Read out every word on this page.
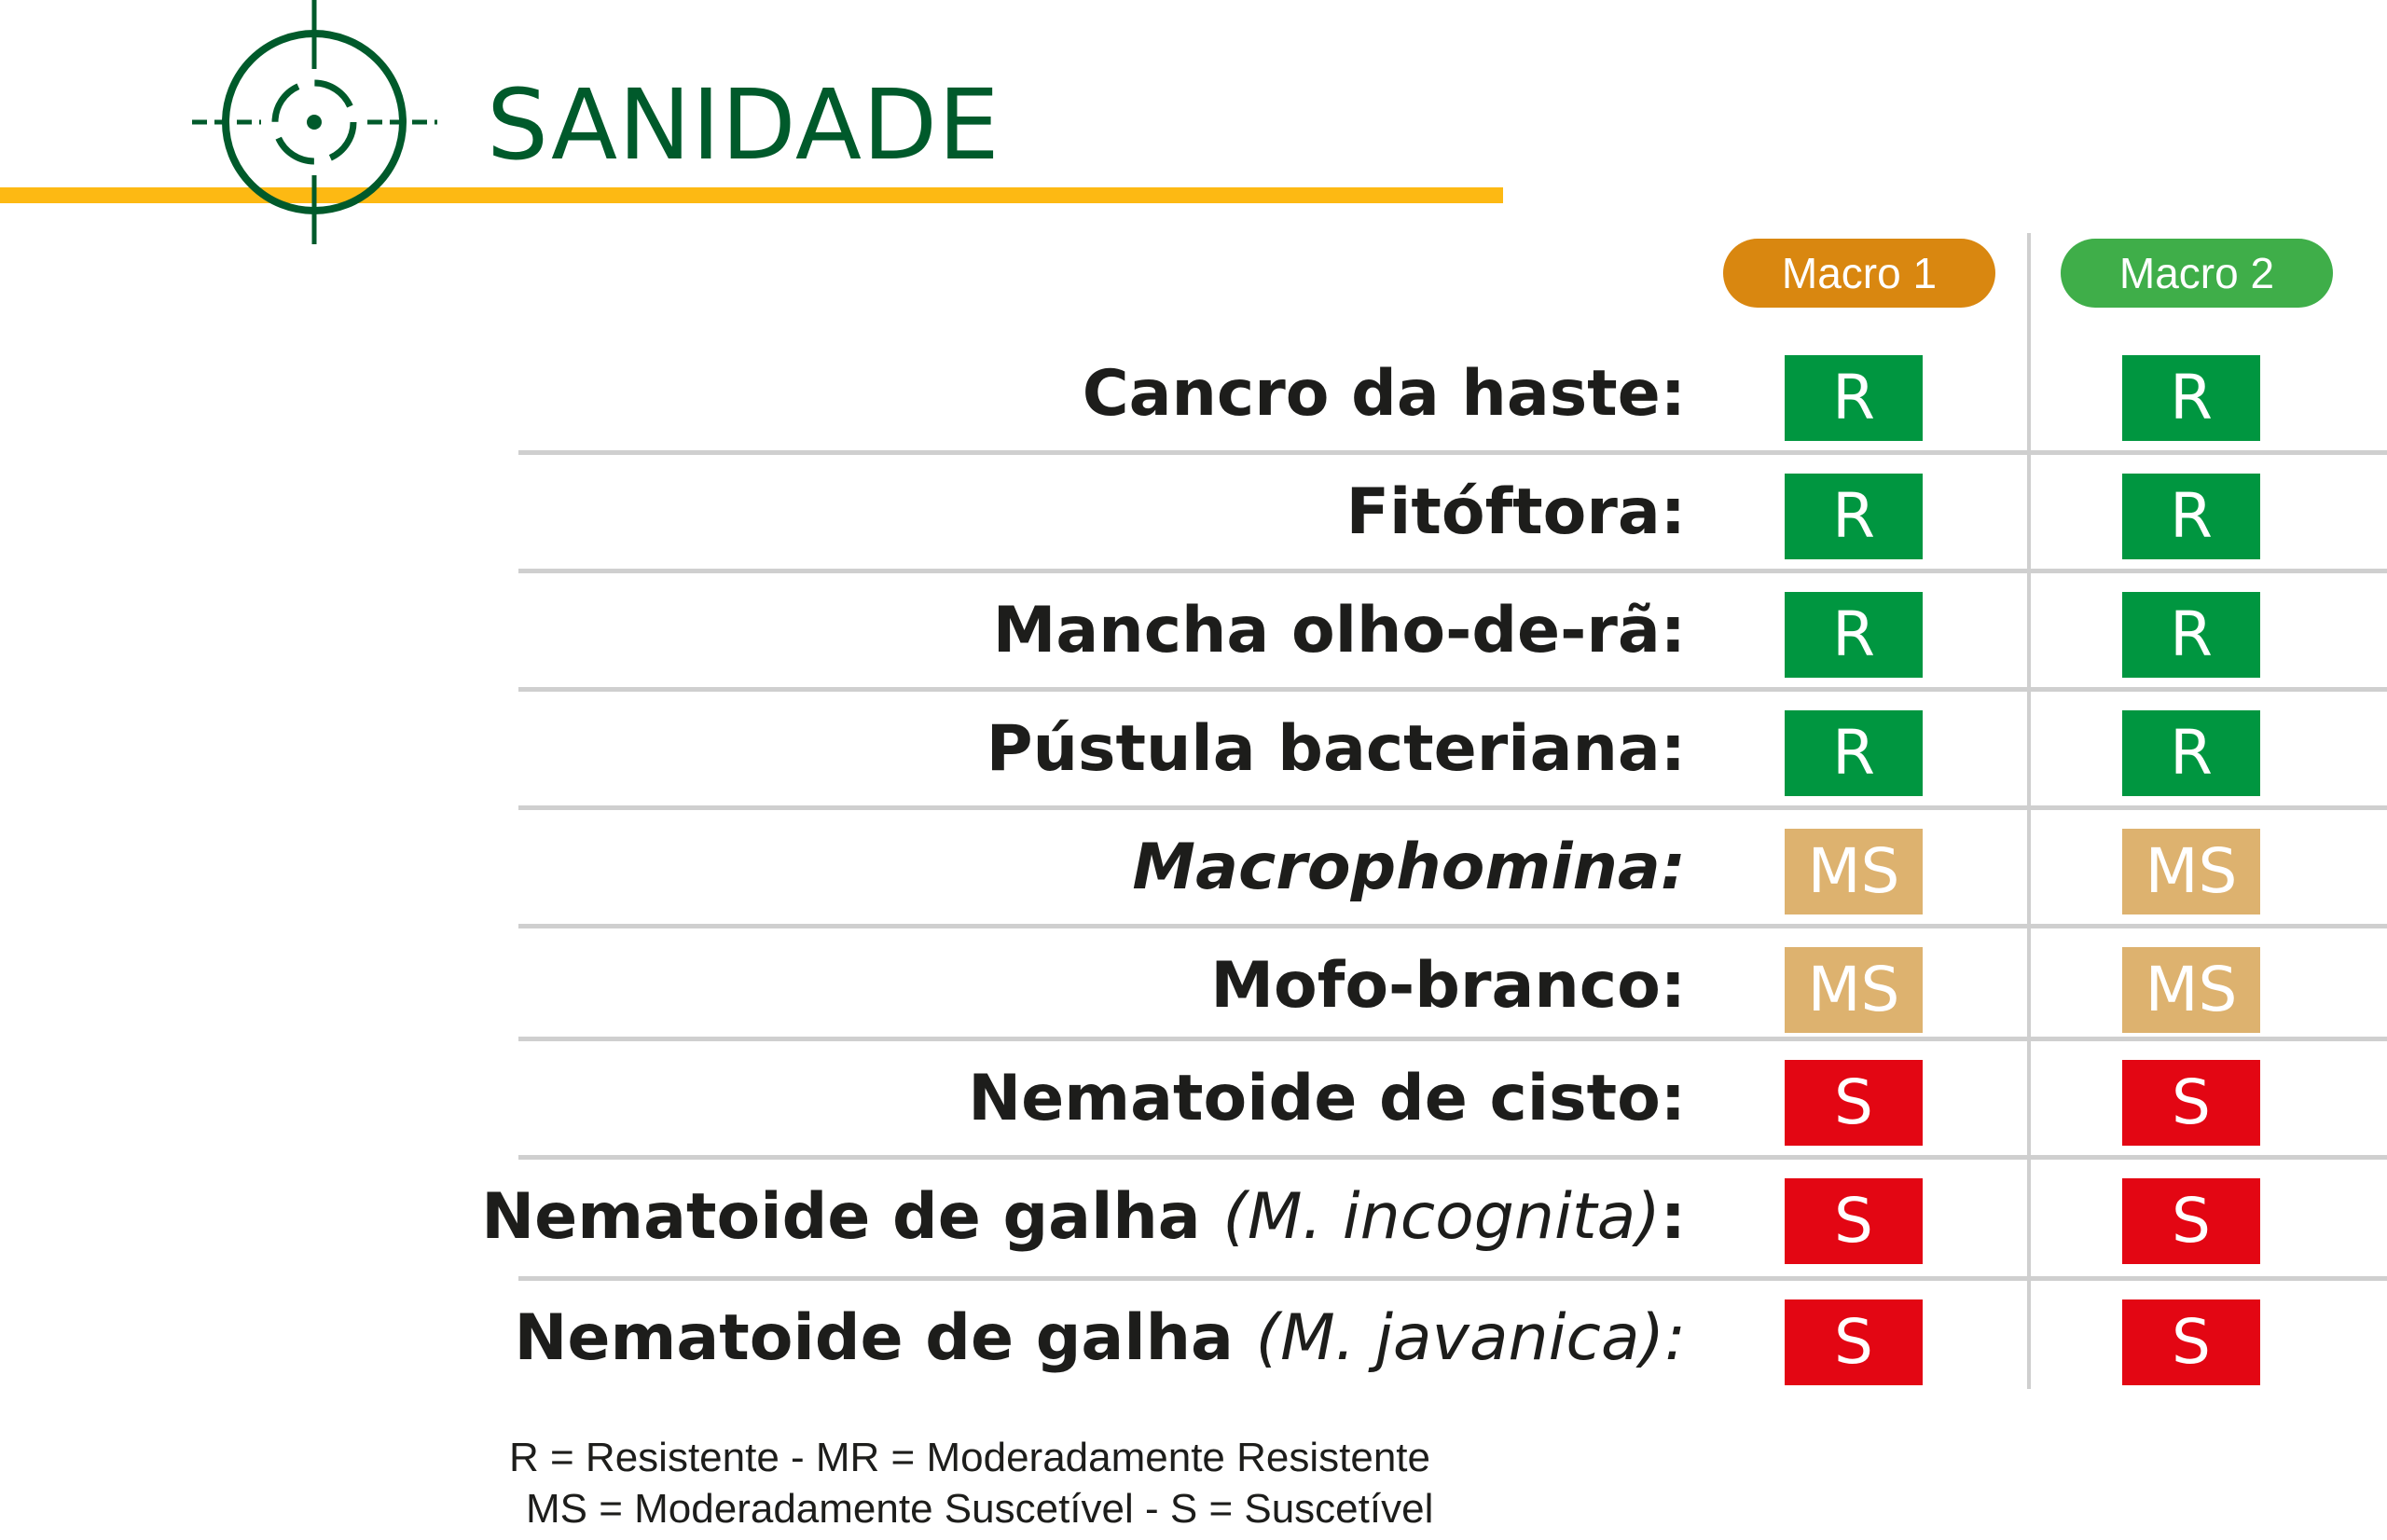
SANIDADE
Macro 1	Macro 2
Cancro da haste:	R	R
Fitóftora:	R	R
Mancha olho-de-rã:	R	R
Pústula bacteriana:	R	R
Macrophomina:	MS	MS
Mofo-branco:	MS	MS
Nematoide de cisto:	S	S
Nematoide de galha (M. incognita):	S	S
Nematoide de galha (M. javanica):	S	S
R = Resistente - MR = Moderadamente Resistente
MS = Moderadamente Suscetível - S = Suscetível
